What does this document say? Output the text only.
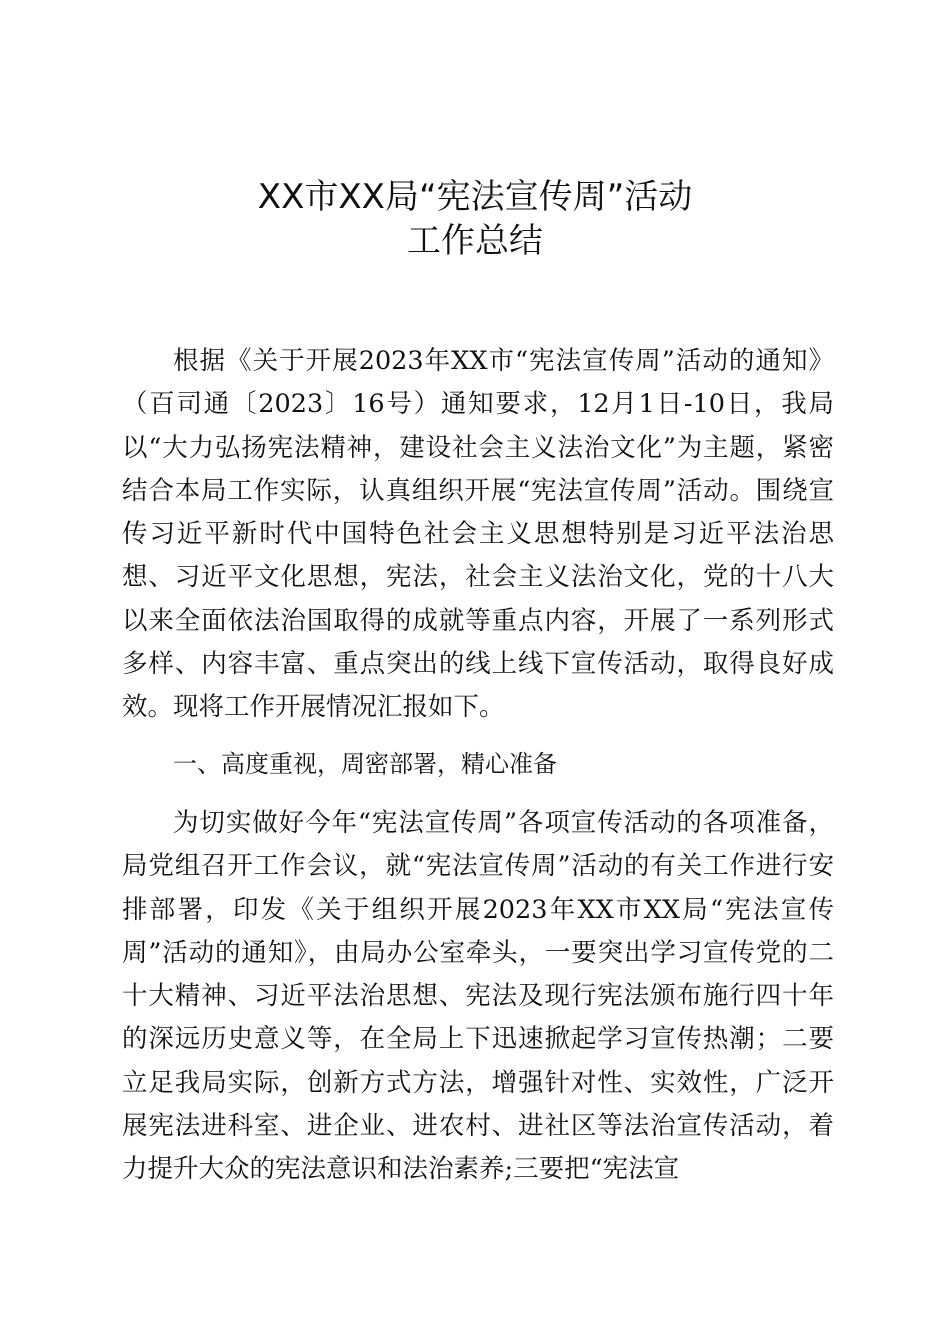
XX市XX局“宪法宣传周”活动
工作总结

根据《关于开展2023年XX市“宪法宣传周”活动的通知》（百司通〔2023〕16号）通知要求，12月1日-10日，我局以“大力弘扬宪法精神，建设社会主义法治文化”为主题，紧密结合本局工作实际，认真组织开展“宪法宣传周”活动。围绕宣传习近平新时代中国特色社会主义思想特别是习近平法治思想、习近平文化思想，宪法，社会主义法治文化，党的十八大以来全面依法治国取得的成就等重点内容，开展了一系列形式多样、内容丰富、重点突出的线上线下宣传活动，取得良好成效。现将工作开展情况汇报如下。

一、高度重视，周密部署，精心准备

为切实做好今年“宪法宣传周”各项宣传活动的各项准备，局党组召开工作会议，就“宪法宣传周”活动的有关工作进行安排部署，印发《关于组织开展2023年XX市XX局“宪法宣传周”活动的通知》，由局办公室牵头，一要突出学习宣传党的二十大精神、习近平法治思想、宪法及现行宪法颁布施行四十年的深远历史意义等，在全局上下迅速掀起学习宣传热潮；二要立足我局实际，创新方式方法，增强针对性、实效性，广泛开展宪法进科室、进企业、进农村、进社区等法治宣传活动，着力提升大众的宪法意识和法治素养;三要把“宪法宣
